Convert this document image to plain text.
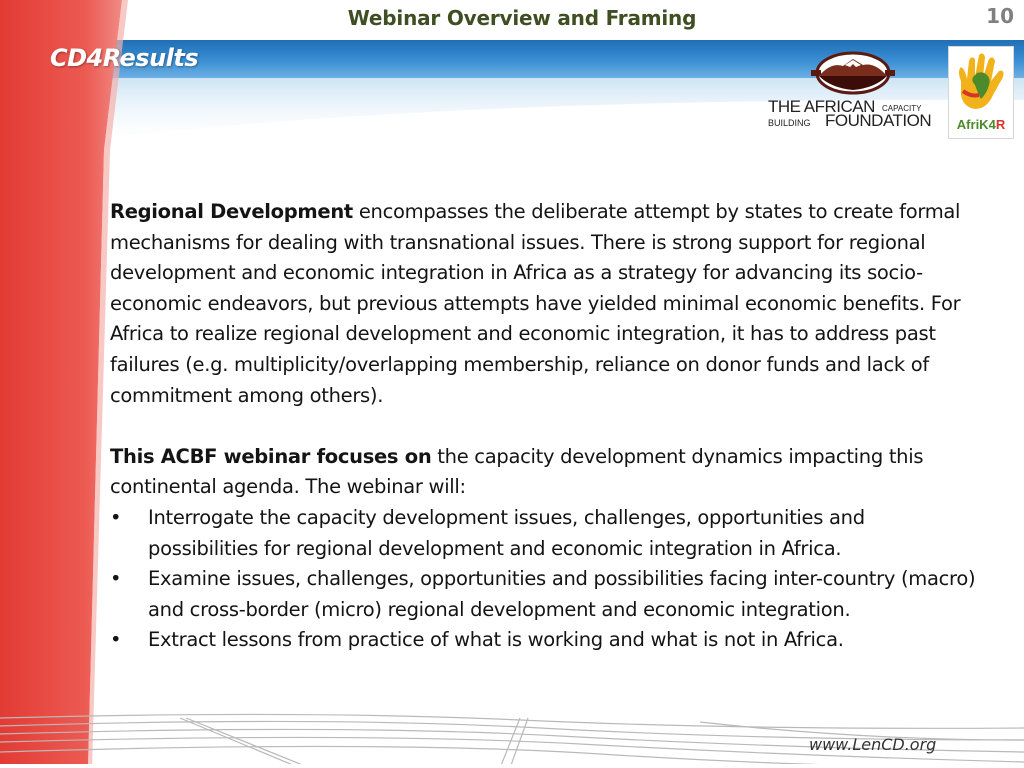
Webinar Overview and Framing	10
CD4Results
THE AFRICAN CAPACITY
BUILDING FOUNDATION	AfriK4R

Regional Development encompasses the deliberate attempt by states to create formal mechanisms for dealing with transnational issues. There is strong support for regional development and economic integration in Africa as a strategy for advancing its socio-economic endeavors, but previous attempts have yielded minimal economic benefits. For Africa to realize regional development and economic integration, it has to address past failures (e.g. multiplicity/overlapping membership, reliance on donor funds and lack of commitment among others).

This ACBF webinar focuses on the capacity development dynamics impacting this continental agenda. The webinar will:

• Interrogate the capacity development issues, challenges, opportunities and possibilities for regional development and economic integration in Africa.
• Examine issues, challenges, opportunities and possibilities facing inter-country (macro) and cross-border (micro) regional development and economic integration.
• Extract lessons from practice of what is working and what is not in Africa.
www.LenCD.org
